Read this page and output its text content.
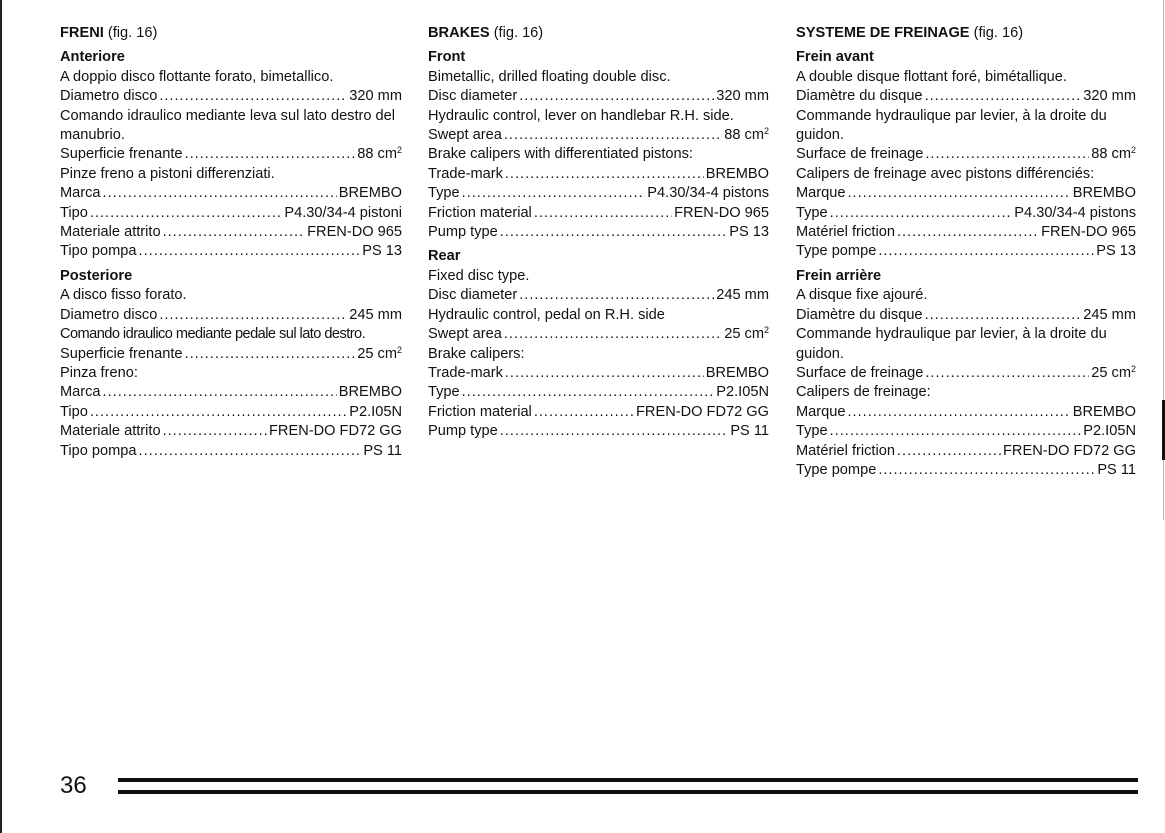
FRENI (fig. 16)
Anteriore
A doppio disco flottante forato, bimetallico.
Diametro disco .....	320 mm
Comando idraulico mediante leva sul lato destro del manubrio.
Superficie frenante .....	88 $cm^2$
Pinze freno a pistoni differenziati.
Marca .....	BREMBO
Tipo .....	P4.30/34-4 pistoni
Materiale attrito .....	FREN-DO 965
Tipo pompa .....	PS 13
Posteriore
A disco fisso forato.
Diametro disco .....	245 mm
Comando idraulico mediante pedale sul lato destro.
Superficie frenante .....	25 $cm^2$
Pinza freno:
Marca .....	BREMBO
Tipo .....	P2.I05N
Materiale attrito .....	FREN-DO FD72 GG
Tipo pompa .....	PS 11
BRAKES (fig. 16)
Front
Bimetallic, drilled floating double disc.
Disc diameter .....	320 mm
Hydraulic control, lever on handlebar R.H. side.
Swept area .....	88 $cm^2$
Brake calipers with differentiated pistons:
Trade-mark .....	BREMBO
Type .....	P4.30/34-4 pistons
Friction material .....	FREN-DO 965
Pump type .....	PS 13
Rear
Fixed disc type.
Disc diameter .....	245 mm
Hydraulic control, pedal on R.H. side
Swept area .....	25 $cm^2$
Brake calipers:
Trade-mark .....	BREMBO
Type .....	P2.I05N
Friction material .....	FREN-DO FD72 GG
Pump type .....	PS 11
SYSTEME DE FREINAGE (fig. 16)
Frein avant
A double disque flottant foré, bimétallique.
Diamètre du disque .....	320 mm
Commande hydraulique par levier, à la droite du guidon.
Surface de freinage .....	88 $cm^2$
Calipers de freinage avec pistons différenciés:
Marque .....	BREMBO
Type .....	P4.30/34-4 pistons
Matériel friction .....	FREN-DO 965
Type pompe .....	PS 13
Frein arrière
A disque fixe ajouré.
Diamètre du disque .....	245 mm
Commande hydraulique par levier, à la droite du guidon.
Surface de freinage .....	25 $cm^2$
Calipers de freinage:
Marque .....	BREMBO
Type .....	P2.I05N
Matériel friction .....	FREN-DO FD72 GG
Type pompe .....	PS 11
36
